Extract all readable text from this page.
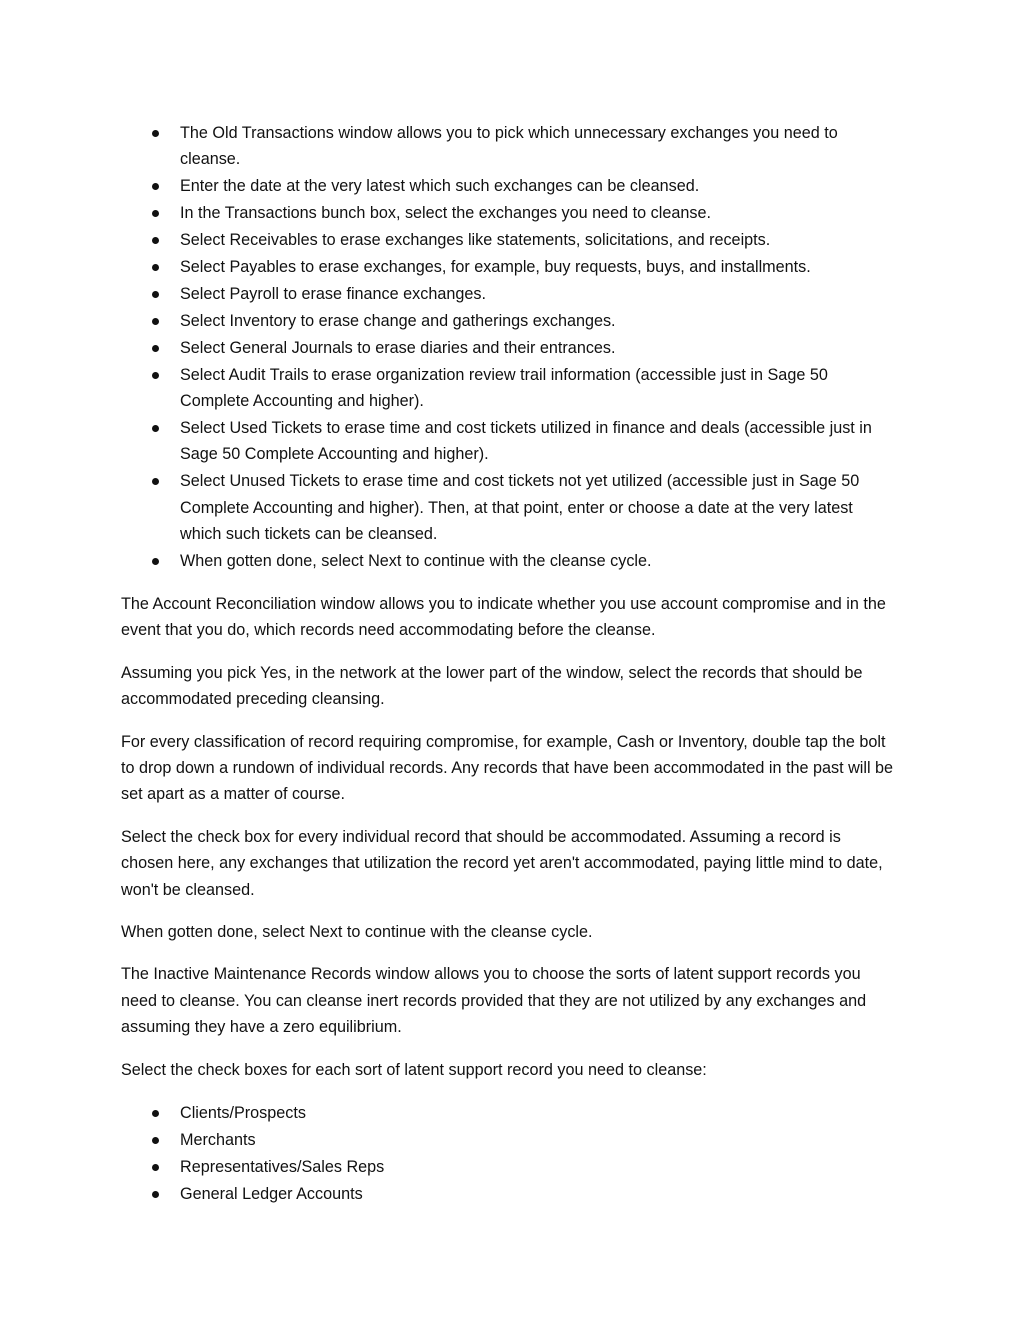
The Old Transactions window allows you to pick which unnecessary exchanges you need to cleanse.
Enter the date at the very latest which such exchanges can be cleansed.
In the Transactions bunch box, select the exchanges you need to cleanse.
Select Receivables to erase exchanges like statements, solicitations, and receipts.
Select Payables to erase exchanges, for example, buy requests, buys, and installments.
Select Payroll to erase finance exchanges.
Select Inventory to erase change and gatherings exchanges.
Select General Journals to erase diaries and their entrances.
Select Audit Trails to erase organization review trail information (accessible just in Sage 50 Complete Accounting and higher).
Select Used Tickets to erase time and cost tickets utilized in finance and deals (accessible just in Sage 50 Complete Accounting and higher).
Select Unused Tickets to erase time and cost tickets not yet utilized (accessible just in Sage 50 Complete Accounting and higher). Then, at that point, enter or choose a date at the very latest which such tickets can be cleansed.
When gotten done, select Next to continue with the cleanse cycle.

The Account Reconciliation window allows you to indicate whether you use account compromise and in the event that you do, which records need accommodating before the cleanse.

Assuming you pick Yes, in the network at the lower part of the window, select the records that should be accommodated preceding cleansing.

For every classification of record requiring compromise, for example, Cash or Inventory, double tap the bolt to drop down a rundown of individual records. Any records that have been accommodated in the past will be set apart as a matter of course.

Select the check box for every individual record that should be accommodated. Assuming a record is chosen here, any exchanges that utilization the record yet aren't accommodated, paying little mind to date, won't be cleansed.

When gotten done, select Next to continue with the cleanse cycle.

The Inactive Maintenance Records window allows you to choose the sorts of latent support records you need to cleanse. You can cleanse inert records provided that they are not utilized by any exchanges and assuming they have a zero equilibrium.

Select the check boxes for each sort of latent support record you need to cleanse:

Clients/Prospects
Merchants
Representatives/Sales Reps
General Ledger Accounts
